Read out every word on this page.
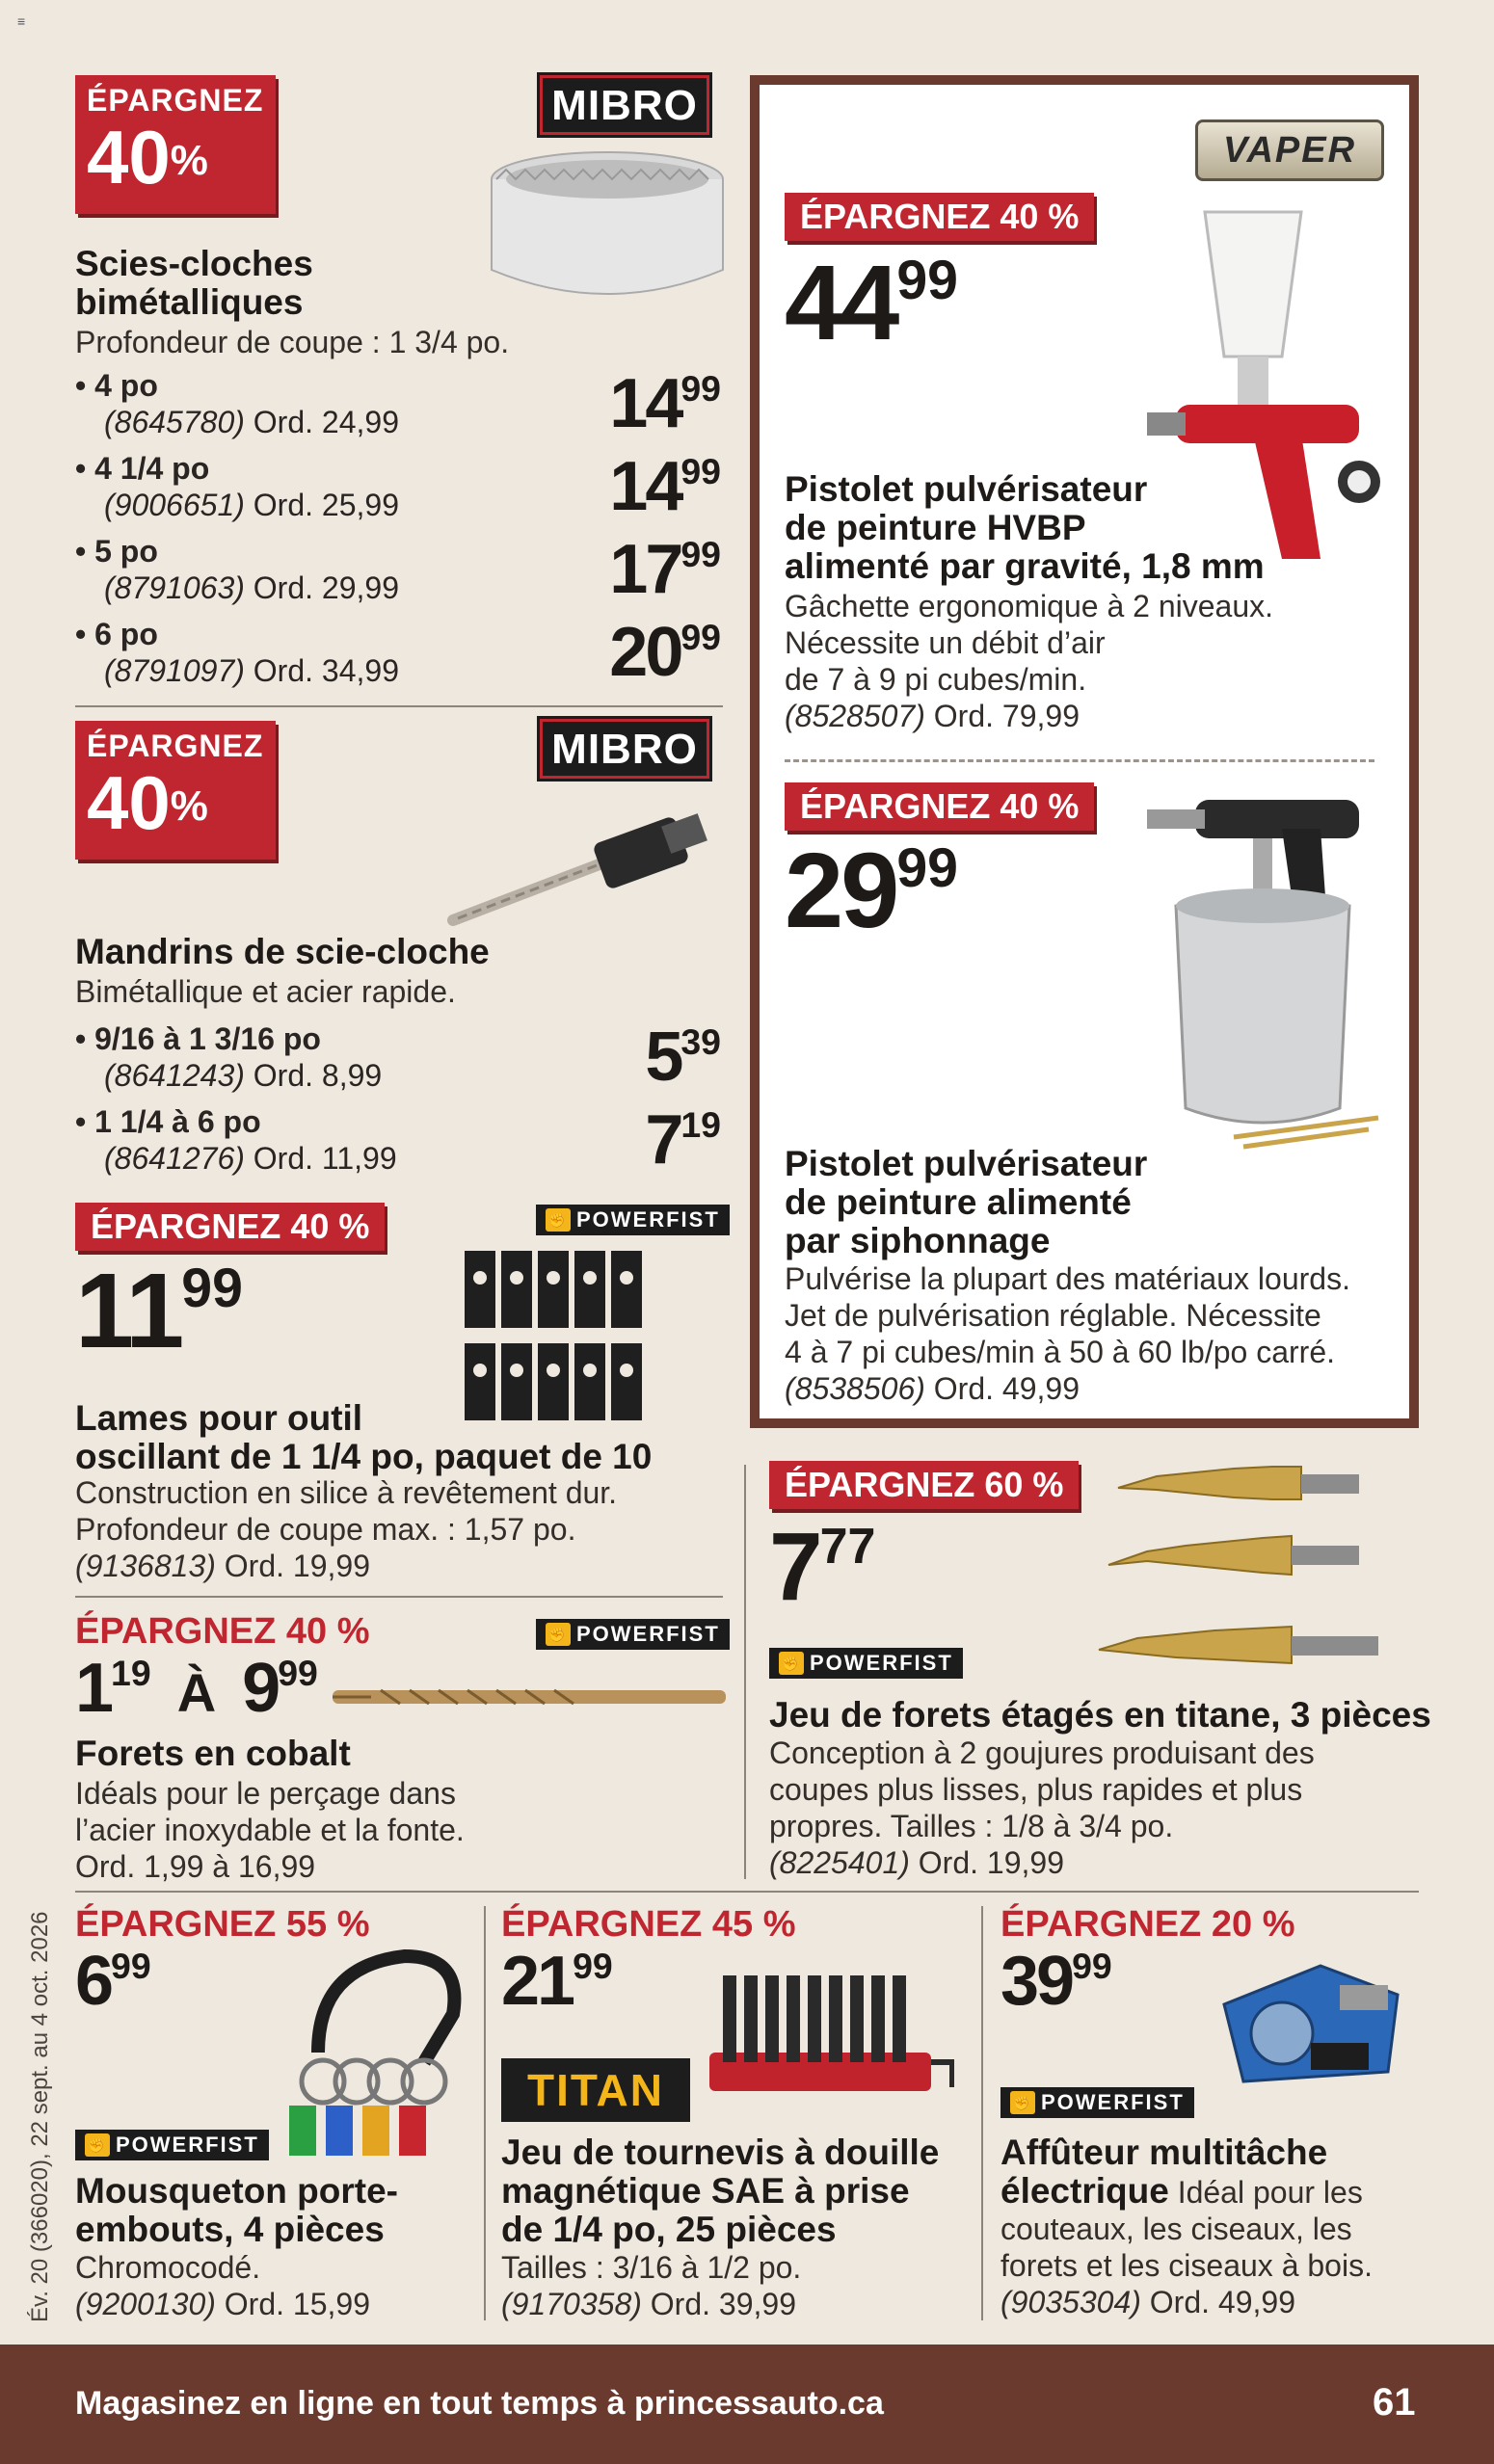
≡
Év. 20 (366020), 22 sept. au 4 oct. 2026
ÉPARGNEZ
40%
MIBRO
Scies-cloches bimétalliques
Profondeur de coupe : 1 3/4 po.
• 4 po
(8645780) Ord. 24,99	$14^{99}$
• 4 1/4 po
(9006651) Ord. 25,99	$14^{99}$
• 5 po
(8791063) Ord. 29,99	$17^{99}$
• 6 po
(8791097) Ord. 34,99	$20^{99}$
ÉPARGNEZ
40%
MIBRO
Mandrins de scie-cloche
Bimétallique et acier rapide.
• 9/16 à 1 3/16 po
(8641243) Ord. 8,99	$5^{39}$
• 1 1/4 à 6 po
(8641276) Ord. 11,99	$7^{19}$
ÉPARGNEZ 40 %	✊ POWERFIST
$11^{99}$
Lames pour outil
oscillant de 1 1/4 po, paquet de 10
Construction en silice à revêtement dur.
Profondeur de coupe max. : 1,57 po.
(9136813) Ord. 19,99
ÉPARGNEZ 40 %	✊ POWERFIST
$1^{19}$ À $9^{99}$
Forets en cobalt
Idéals pour le perçage dans
l’acier inoxydable et la fonte.
Ord. 1,99 à 16,99
VAPER
ÉPARGNEZ 40 %
$44^{99}$
Pistolet pulvérisateur
de peinture HVBP
alimenté par gravité, 1,8 mm
Gâchette ergonomique à 2 niveaux.
Nécessite un débit d’air
de 7 à 9 pi cubes/min.
(8528507) Ord. 79,99
ÉPARGNEZ 40 %
$29^{99}$
Pistolet pulvérisateur
de peinture alimenté
par siphonnage
Pulvérise la plupart des matériaux lourds.
Jet de pulvérisation réglable. Nécessite
4 à 7 pi cubes/min à 50 à 60 lb/po carré.
(8538506) Ord. 49,99
ÉPARGNEZ 60 %
$7^{77}$
✊ POWERFIST
Jeu de forets étagés en titane, 3 pièces
Conception à 2 goujures produisant des
coupes plus lisses, plus rapides et plus
propres. Tailles : 1/8 à 3/4 po.
(8225401) Ord. 19,99
ÉPARGNEZ 55 %
$6^{99}$
✊ POWERFIST
Mousqueton porte-
embouts, 4 pièces
Chromocodé.
(9200130) Ord. 15,99
ÉPARGNEZ 45 %
$21^{99}$
TITAN
Jeu de tournevis à douille
magnétique SAE à prise
de 1/4 po, 25 pièces
Tailles : 3/16 à 1/2 po.
(9170358) Ord. 39,99
ÉPARGNEZ 20 %
$39^{99}$
✊ POWERFIST
Affûteur multitâche
électrique Idéal pour les
couteaux, les ciseaux, les
forets et les ciseaux à bois.
(9035304) Ord. 49,99
Magasinez en ligne en tout temps à princessauto.ca	61
